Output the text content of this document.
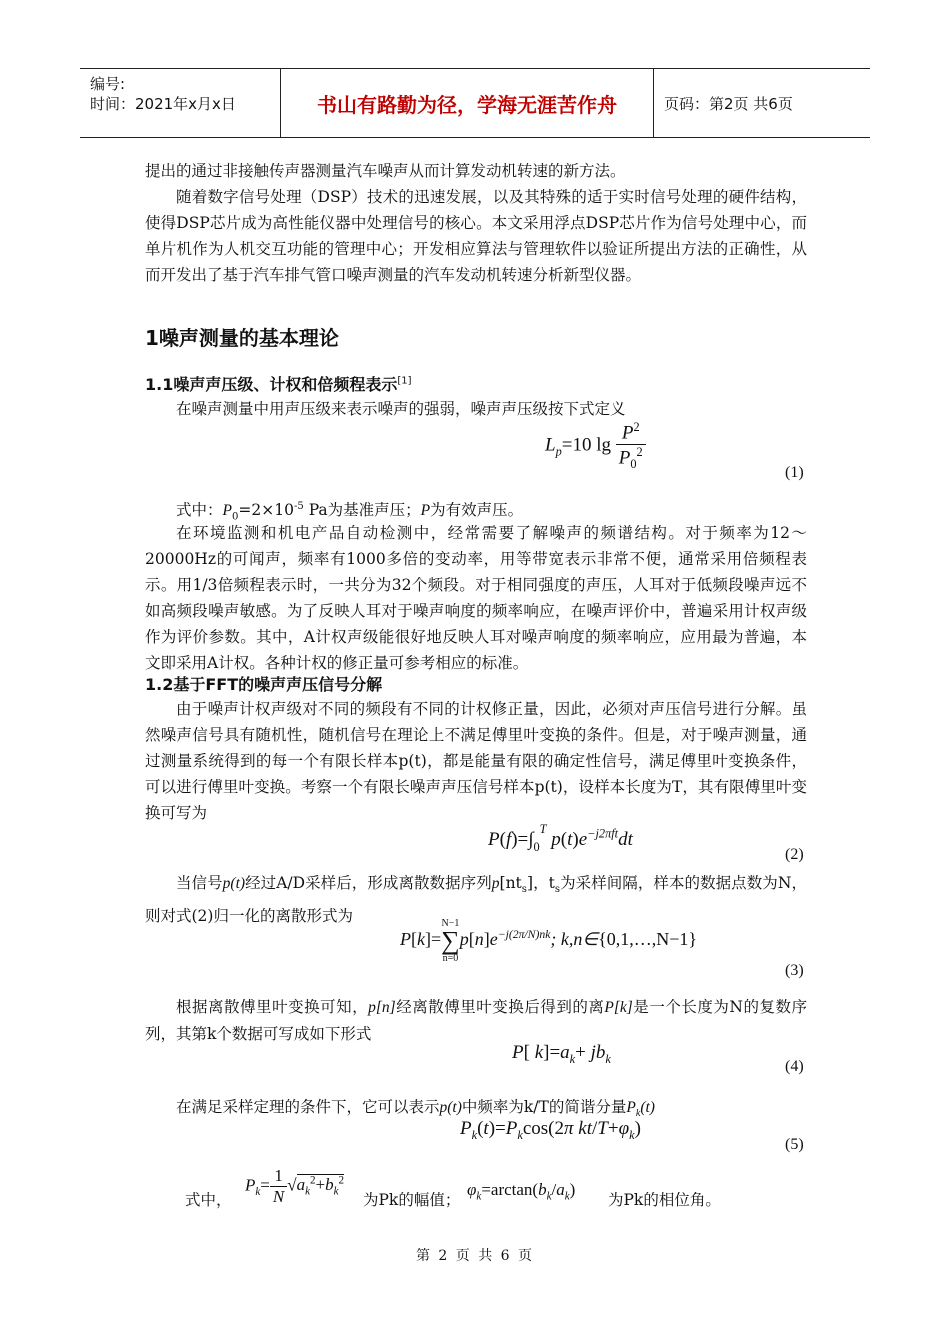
编号:
时间：2021年x月x日	书山有路勤为径，学海无涯苦作舟	页码：第2页 共6页
提出的通过非接触传声器测量汽车噪声从而计算发动机转速的新方法。
随着数字信号处理（DSP）技术的迅速发展，以及其特殊的适于实时信号处理的硬件结构，使得DSP芯片成为高性能仪器中处理信号的核心。本文采用浮点DSP芯片作为信号处理中心，而单片机作为人机交互功能的管理中心；开发相应算法与管理软件以验证所提出方法的正确性，从而开发出了基于汽车排气管口噪声测量的汽车发动机转速分析新型仪器。
1噪声测量的基本理论
1.1噪声声压级、计权和倍频程表示[1]
在噪声测量中用声压级来表示噪声的强弱，噪声声压级按下式定义
$L_p=10$ $\lg \frac{P^2}{P_0^2}$
(1)
式中：$P_0=2\times 10^{-5}$ Pa为基准声压；P为有效声压。
在环境监测和机电产品自动检测中，经常需要了解噪声的频谱结构。对于频率为12～20000Hz的可闻声，频率有1000多倍的变动率，用等带宽表示非常不便，通常采用倍频程表示。用1/3倍频程表示时，一共分为32个频段。对于相同强度的声压，人耳对于低频段噪声远不如高频段噪声敏感。为了反映人耳对于噪声响度的频率响应，在噪声评价中，普遍采用计权声级作为评价参数。其中，A计权声级能很好地反映人耳对噪声响度的频率响应，应用最为普遍，本文即采用A计权。各种计权的修正量可参考相应的标准。
1.2基于FFT的噪声声压信号分解
由于噪声计权声级对不同的频段有不同的计权修正量，因此，必须对声压信号进行分解。虽然噪声信号具有随机性，随机信号在理论上不满足傅里叶变换的条件。但是，对于噪声测量，通过测量系统得到的每一个有限长样本p(t)，都是能量有限的确定性信号，满足傅里叶变换条件，可以进行傅里叶变换。考察一个有限长噪声声压信号样本p(t)，设样本长度为T，其有限傅里叶变换可写为
$P(f)=\int_0^T$ $p(t)e^{-j2\pi ft}dt$
(2)
当信号p(t)经过A/D采样后，形成离散数据序列$p[nt_s]$，$t_s$为采样间隔，样本的数据点数为N，则对式(2)归一化的离散形式为
P[k]=
N−1
∑
n=0
$p[n]e^{-j(2\pi/N)nk}$; k,n∈{0,1,…,N−1}
(3)
根据离散傅里叶变换可知，p[n]经离散傅里叶变换后得到的离P[k]是一个长度为N的复数序列，其第k个数据可写成如下形式
P[ $k]=a_k+ jb_k$	(4)
在满足采样定理的条件下，它可以表示p(t)中频率为k/T的简谐分量$P_k(t)$
$P_k(t)=P_k\cos(2\pi$ $kt/T+\varphi_k$)
(5)
式中，
$P_k= \frac{1}{N} √a_k^2+b_k^2$
为Pk的幅值；
$\varphi_k=\arctan(b_k/a_k)$
为Pk的相位角。
第 2 页 共 6 页
